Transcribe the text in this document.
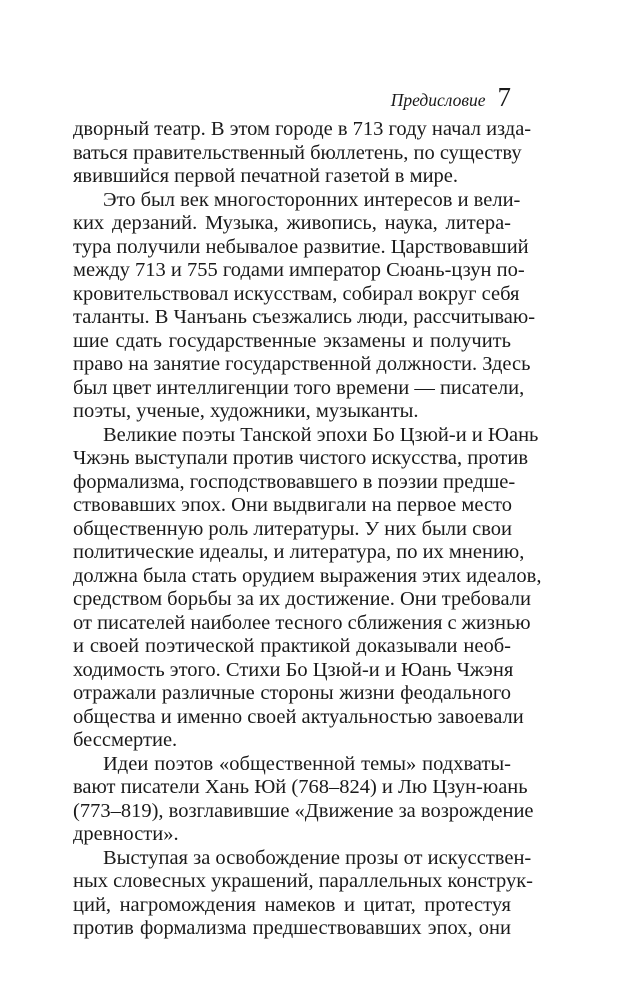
Предисловие 7
дворный театр. В этом городе в 713 году начал изда-
ваться правительственный бюллетень, по существу
явившийся первой печатной газетой в мире.
Это был век многосторонних интересов и вели-
ких дерзаний. Музыка, живопись, наука, литера-
тура получили небывалое развитие. Царствовавший
между 713 и 755 годами император Сюань-цзун по-
кровительствовал искусствам, собирал вокруг себя
таланты. В Чанъань съезжались люди, рассчитываю-
шие сдать государственные экзамены и получить
право на занятие государственной должности. Здесь
был цвет интеллигенции того времени — писатели,
поэты, ученые, художники, музыканты.
Великие поэты Танской эпохи Бо Цзюй-и и Юань
Чжэнь выступали против чистого искусства, против
формализма, господствовавшего в поэзии предше-
ствовавших эпох. Они выдвигали на первое место
общественную роль литературы. У них были свои
политические идеалы, и литература, по их мнению,
должна была стать орудием выражения этих идеалов,
средством борьбы за их достижение. Они требовали
от писателей наиболее тесного сближения с жизнью
и своей поэтической практикой доказывали необ-
ходимость этого. Стихи Бо Цзюй-и и Юань Чжэня
отражали различные стороны жизни феодального
общества и именно своей актуальностью завоевали
бессмертие.
Идеи поэтов «общественной темы» подхваты-
вают писатели Хань Юй (768–824) и Лю Цзун-юань
(773–819), возглавившие «Движение за возрождение
древности».
Выступая за освобождение прозы от искусствен-
ных словесных украшений, параллельных конструк-
ций, нагромождения намеков и цитат, протестуя
против формализма предшествовавших эпох, они
